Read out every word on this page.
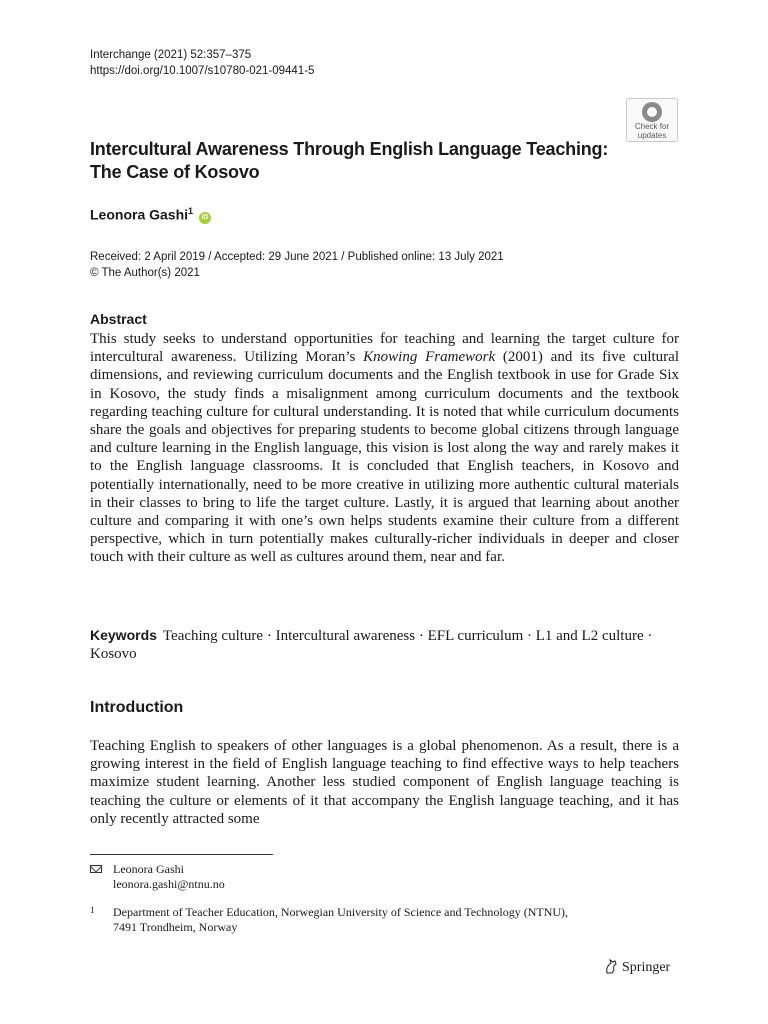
Interchange (2021) 52:357–375
https://doi.org/10.1007/s10780-021-09441-5
Check for
updates
Intercultural Awareness Through English Language Teaching: The Case of Kosovo
Leonora Gashi$^1$ iD
Received: 2 April 2019 / Accepted: 29 June 2021 / Published online: 13 July 2021
© The Author(s) 2021
Abstract
This study seeks to understand opportunities for teaching and learning the target culture for intercultural awareness. Utilizing Moran’s Knowing Framework (2001) and its five cultural dimensions, and reviewing curriculum documents and the English textbook in use for Grade Six in Kosovo, the study finds a misalignment among curriculum documents and the textbook regarding teaching culture for cultural understanding. It is noted that while curriculum documents share the goals and objectives for preparing students to become global citizens through language and culture learning in the English language, this vision is lost along the way and rarely makes it to the English language classrooms. It is concluded that English teachers, in Kosovo and potentially internationally, need to be more creative in utilizing more authentic cultural materials in their classes to bring to life the target culture. Lastly, it is argued that learning about another culture and comparing it with one’s own helps students examine their culture from a different perspective, which in turn potentially makes culturally-richer individuals in deeper and closer touch with their culture as well as cultures around them, near and far.
Keywords Teaching culture · Intercultural awareness · EFL curriculum · L1 and L2 culture · Kosovo
Introduction
Teaching English to speakers of other languages is a global phenomenon. As a result, there is a growing interest in the field of English language teaching to find effective ways to help teachers maximize student learning. Another less studied component of English language teaching is teaching the culture or elements of it that accompany the English language teaching, and it has only recently attracted some
Leonora Gashi
leonora.gashi@ntnu.no
1 Department of Teacher Education, Norwegian University of Science and Technology (NTNU),
7491 Trondheim, Norway
Springer
